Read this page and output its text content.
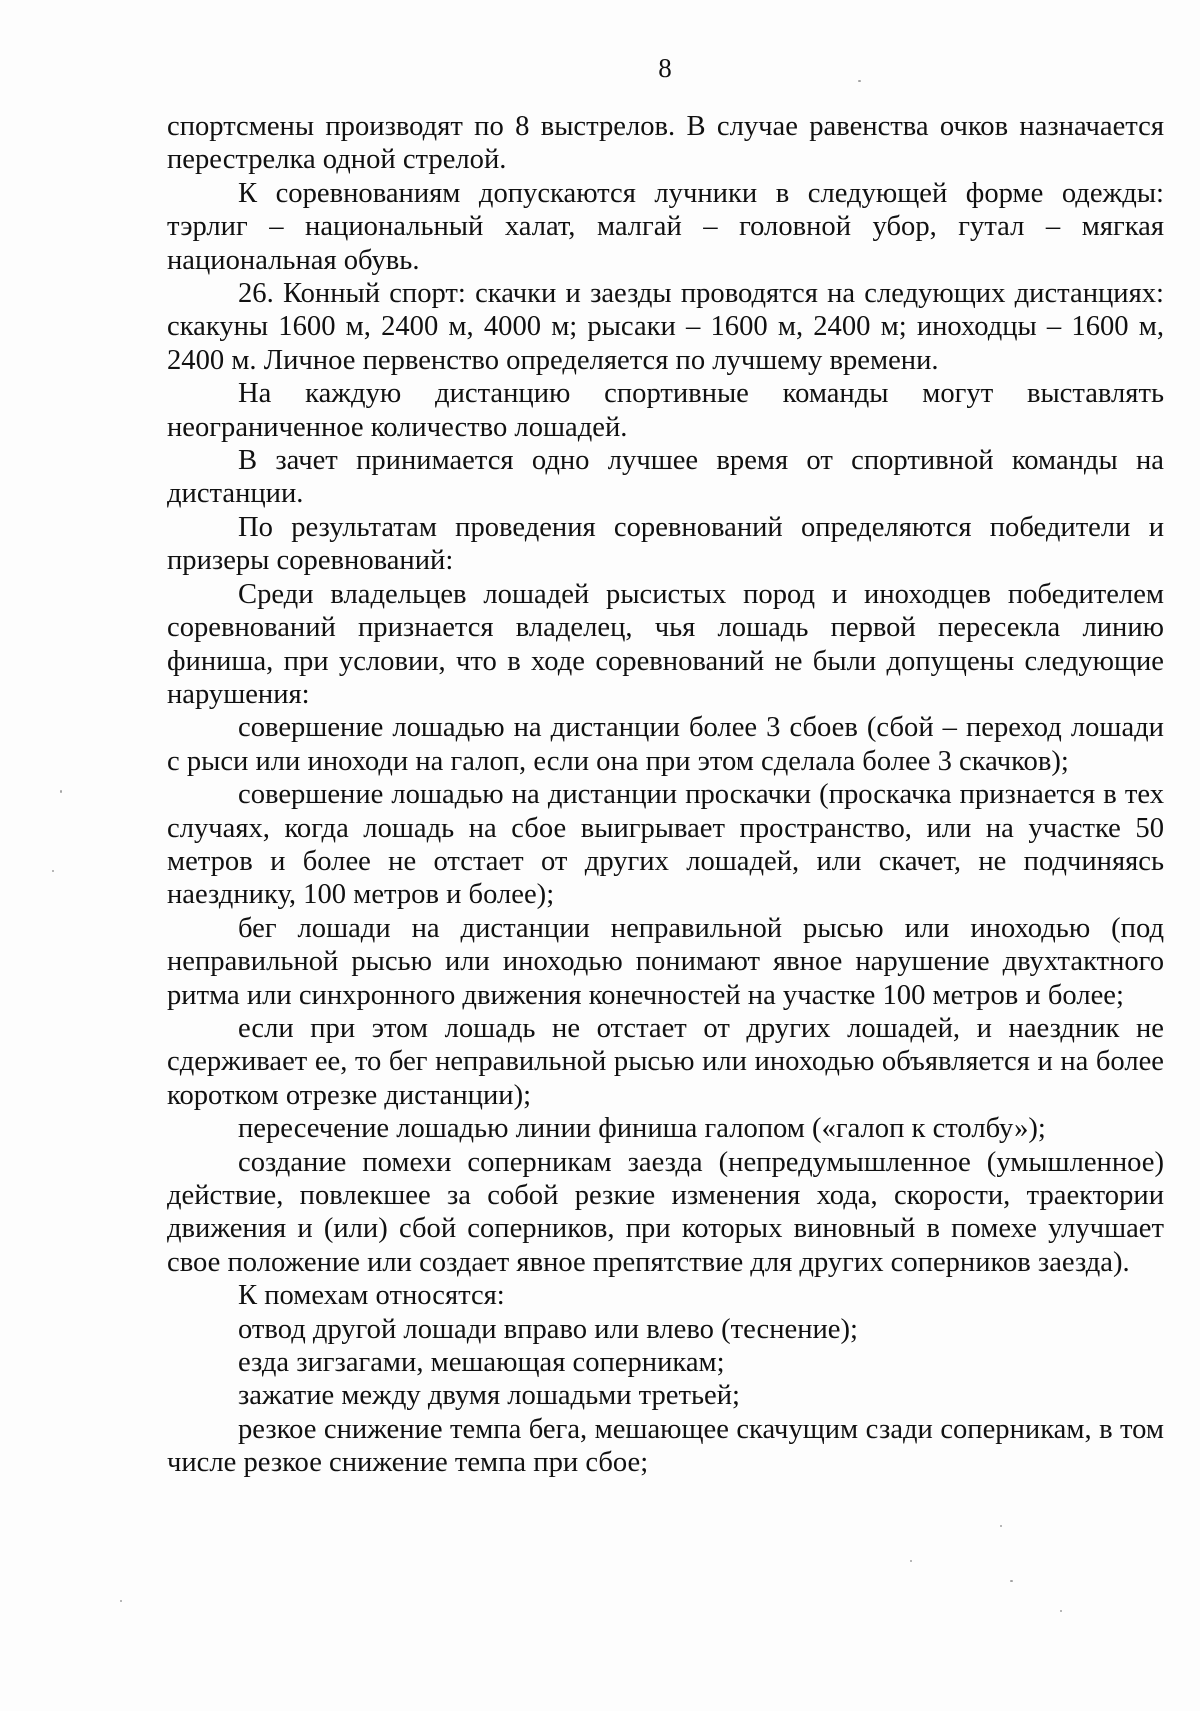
8

спортсмены производят по 8 выстрелов. В случае равенства очков назначается перестрелка одной стрелой.

К соревнованиям допускаются лучники в следующей форме одежды: тэрлиг – национальный халат, малгай – головной убор, гутал – мягкая национальная обувь.

26. Конный спорт: скачки и заезды проводятся на следующих дистанциях: скакуны 1600 м, 2400 м, 4000 м; рысаки – 1600 м, 2400 м; иноходцы – 1600 м, 2400 м. Личное первенство определяется по лучшему времени.

На каждую дистанцию спортивные команды могут выставлять неограниченное количество лошадей.

В зачет принимается одно лучшее время от спортивной команды на дистанции.

По результатам проведения соревнований определяются победители и призеры соревнований:

Среди владельцев лошадей рысистых пород и иноходцев победителем соревнований признается владелец, чья лошадь первой пересекла линию финиша, при условии, что в ходе соревнований не были допущены следующие нарушения:

совершение лошадью на дистанции более 3 сбоев (сбой – переход лошади с рыси или иноходи на галоп, если она при этом сделала более 3 скачков);

совершение лошадью на дистанции проскачки (проскачка признается в тех случаях, когда лошадь на сбое выигрывает пространство, или на участке 50 метров и более не отстает от других лошадей, или скачет, не подчиняясь наезднику, 100 метров и более);

бег лошади на дистанции неправильной рысью или иноходью (под неправильной рысью или иноходью понимают явное нарушение двухтактного ритма или синхронного движения конечностей на участке 100 метров и более;

если при этом лошадь не отстает от других лошадей, и наездник не сдерживает ее, то бег неправильной рысью или иноходью объявляется и на более коротком отрезке дистанции);

пересечение лошадью линии финиша галопом («галоп к столбу»);

создание помехи соперникам заезда (непредумышленное (умышленное) действие, повлекшее за собой резкие изменения хода, скорости, траектории движения и (или) сбой соперников, при которых виновный в помехе улучшает свое положение или создает явное препятствие для других соперников заезда).

К помехам относятся:

отвод другой лошади вправо или влево (теснение);

езда зигзагами, мешающая соперникам;

зажатие между двумя лошадьми третьей;

резкое снижение темпа бега, мешающее скачущим сзади соперникам, в том числе резкое снижение темпа при сбое;
